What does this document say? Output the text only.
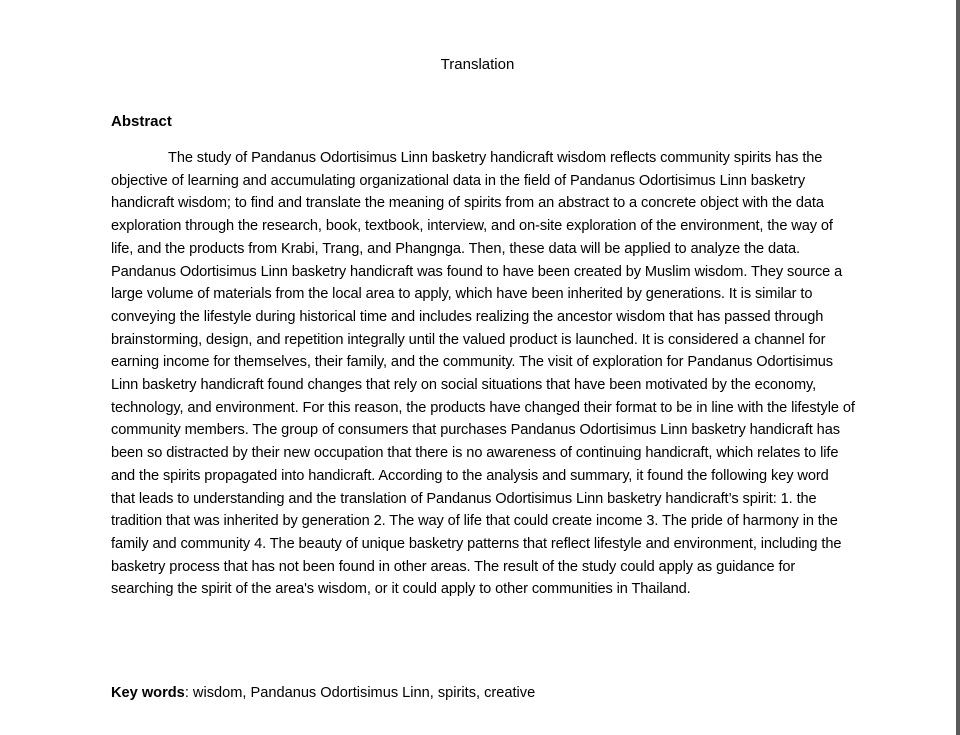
Translation
Abstract

The study of Pandanus Odortisimus Linn basketry handicraft wisdom reflects community spirits has the objective of learning and accumulating organizational data in the field of Pandanus Odortisimus Linn basketry handicraft wisdom; to find and translate the meaning of spirits from an abstract to a concrete object with the data exploration through the research, book, textbook, interview, and on-site exploration of the environment, the way of life, and the products from Krabi, Trang, and Phangnga. Then, these data will be applied to analyze the data. Pandanus Odortisimus Linn basketry handicraft was found to have been created by Muslim wisdom. They source a large volume of materials from the local area to apply, which have been inherited by generations. It is similar to conveying the lifestyle during historical time and includes realizing the ancestor wisdom that has passed through brainstorming, design, and repetition integrally until the valued product is launched. It is considered a channel for earning income for themselves, their family, and the community. The visit of exploration for Pandanus Odortisimus Linn basketry handicraft found changes that rely on social situations that have been motivated by the economy, technology, and environment. For this reason, the products have changed their format to be in line with the lifestyle of community members. The group of consumers that purchases Pandanus Odortisimus Linn basketry handicraft has been so distracted by their new occupation that there is no awareness of continuing handicraft, which relates to life and the spirits propagated into handicraft. According to the analysis and summary, it found the following key word that leads to understanding and the translation of Pandanus Odortisimus Linn basketry handicraft’s spirit: 1. the tradition that was inherited by generation 2. The way of life that could create income 3. The pride of harmony in the family and community 4. The beauty of unique basketry patterns that reflect lifestyle and environment, including the basketry process that has not been found in other areas. The result of the study could apply as guidance for searching the spirit of the area's wisdom, or it could apply to other communities in Thailand.

Key words: wisdom, Pandanus Odortisimus Linn, spirits, creative
